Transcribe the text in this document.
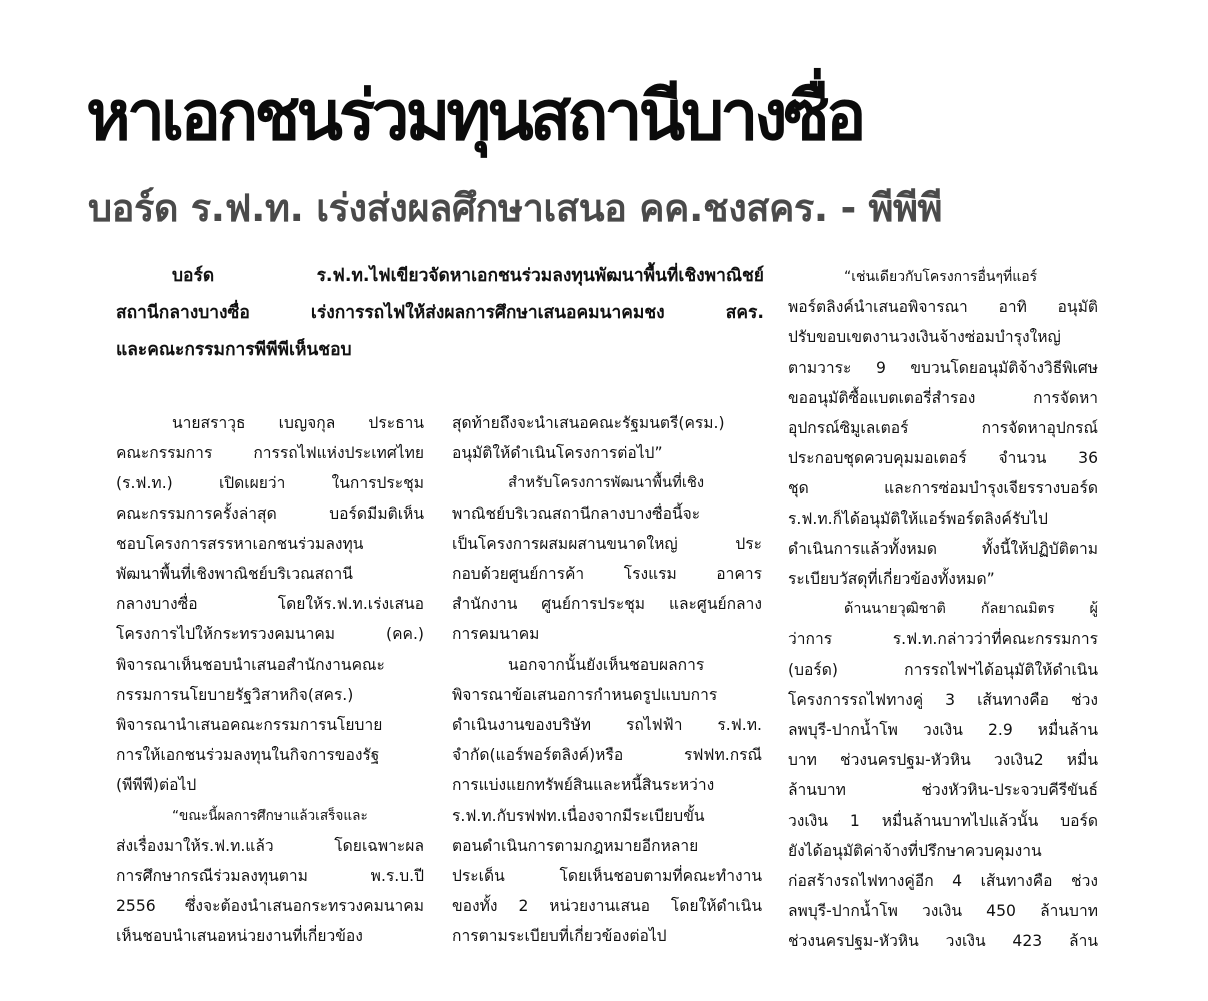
หาเอกชนร่วมทุนสถานีบางซื่อ
บอร์ด ร.ฟ.ท. เร่งส่งผลศึกษาเสนอ คค.ชงสคร. - พีพีพี
บอร์ด ร.ฟ.ท.ไฟเขียวจัดหาเอกชนร่วมลงทุนพัฒนาพื้นที่เชิงพาณิชย์
สถานีกลางบางซื่อ เร่งการรถไฟให้ส่งผลการศึกษาเสนอคมนาคมชง สคร.
และคณะกรรมการพีพีพีเห็นชอบ
นายสราวุธ เบญจกุล ประธาน
คณะกรรมการ การรถไฟแห่งประเทศไทย
(ร.ฟ.ท.) เปิดเผยว่า ในการประชุม
คณะกรรมการครั้งล่าสุด บอร์ดมีมติเห็น
ชอบโครงการสรรหาเอกชนร่วมลงทุน
พัฒนาพื้นที่เชิงพาณิชย์บริเวณสถานี
กลางบางซื่อ โดยให้ร.ฟ.ท.เร่งเสนอ
โครงการไปให้กระทรวงคมนาคม (คค.)
พิจารณาเห็นชอบนำเสนอสำนักงานคณะ
กรรมการนโยบายรัฐวิสาหกิจ(สคร.)
พิจารณานำเสนอคณะกรรมการนโยบาย
การให้เอกชนร่วมลงทุนในกิจการของรัฐ
(พีพีพี)ต่อไป
“ขณะนี้ผลการศึกษาแล้วเสร็จและ
ส่งเรื่องมาให้ร.ฟ.ท.แล้ว โดยเฉพาะผล
การศึกษากรณีร่วมลงทุนตาม พ.ร.บ.ปี
2556 ซึ่งจะต้องนำเสนอกระทรวงคมนาคม
เห็นชอบนำเสนอหน่วยงานที่เกี่ยวข้อง
สุดท้ายถึงจะนำเสนอคณะรัฐมนตรี(ครม.)
อนุมัติให้ดำเนินโครงการต่อไป”
สำหรับโครงการพัฒนาพื้นที่เชิง
พาณิชย์บริเวณสถานีกลางบางซื่อนี้จะ
เป็นโครงการผสมผสานขนาดใหญ่ ประ
กอบด้วยศูนย์การค้า โรงแรม อาคาร
สำนักงาน ศูนย์การประชุม และศูนย์กลาง
การคมนาคม
นอกจากนั้นยังเห็นชอบผลการ
พิจารณาข้อเสนอการกำหนดรูปแบบการ
ดำเนินงานของบริษัท รถไฟฟ้า ร.ฟ.ท.
จำกัด(แอร์พอร์ตลิงค์)หรือ รฟฟท.กรณี
การแบ่งแยกทรัพย์สินและหนี้สินระหว่าง
ร.ฟ.ท.กับรฟฟท.เนื่องจากมีระเบียบขั้น
ตอนดำเนินการตามกฎหมายอีกหลาย
ประเด็น โดยเห็นชอบตามที่คณะทำงาน
ของทั้ง 2 หน่วยงานเสนอ โดยให้ดำเนิน
การตามระเบียบที่เกี่ยวข้องต่อไป
“เช่นเดียวกับโครงการอื่นๆที่แอร์
พอร์ตลิงค์นำเสนอพิจารณา อาทิ อนุมัติ
ปรับขอบเขตงานวงเงินจ้างซ่อมบำรุงใหญ่
ตามวาระ 9 ขบวนโดยอนุมัติจ้างวิธีพิเศษ
ขออนุมัติซื้อแบตเตอรี่สำรอง การจัดหา
อุปกรณ์ซิมูเลเตอร์ การจัดหาอุปกรณ์
ประกอบชุดควบคุมมอเตอร์ จำนวน 36
ชุด และการซ่อมบำรุงเจียรรางบอร์ด
ร.ฟ.ท.ก็ได้อนุมัติให้แอร์พอร์ตลิงค์รับไป
ดำเนินการแล้วทั้งหมด ทั้งนี้ให้ปฏิบัติตาม
ระเบียบวัสดุที่เกี่ยวข้องทั้งหมด”
ด้านนายวุฒิชาติ กัลยาณมิตร ผู้
ว่าการ ร.ฟ.ท.กล่าวว่าที่คณะกรรมการ
(บอร์ด) การรถไฟฯได้อนุมัติให้ดำเนิน
โครงการรถไฟทางคู่ 3 เส้นทางคือ ช่วง
ลพบุรี-ปากน้ำโพ วงเงิน 2.9 หมื่นล้าน
บาท ช่วงนครปฐม-หัวหิน วงเงิน2 หมื่น
ล้านบาท ช่วงหัวหิน-ประจวบคีรีขันธ์
วงเงิน 1 หมื่นล้านบาทไปแล้วนั้น บอร์ด
ยังได้อนุมัติค่าจ้างที่ปรึกษาควบคุมงาน
ก่อสร้างรถไฟทางคู่อีก 4 เส้นทางคือ ช่วง
ลพบุรี-ปากน้ำโพ วงเงิน 450 ล้านบาท
ช่วงนครปฐม-หัวหิน วงเงิน 423 ล้าน
